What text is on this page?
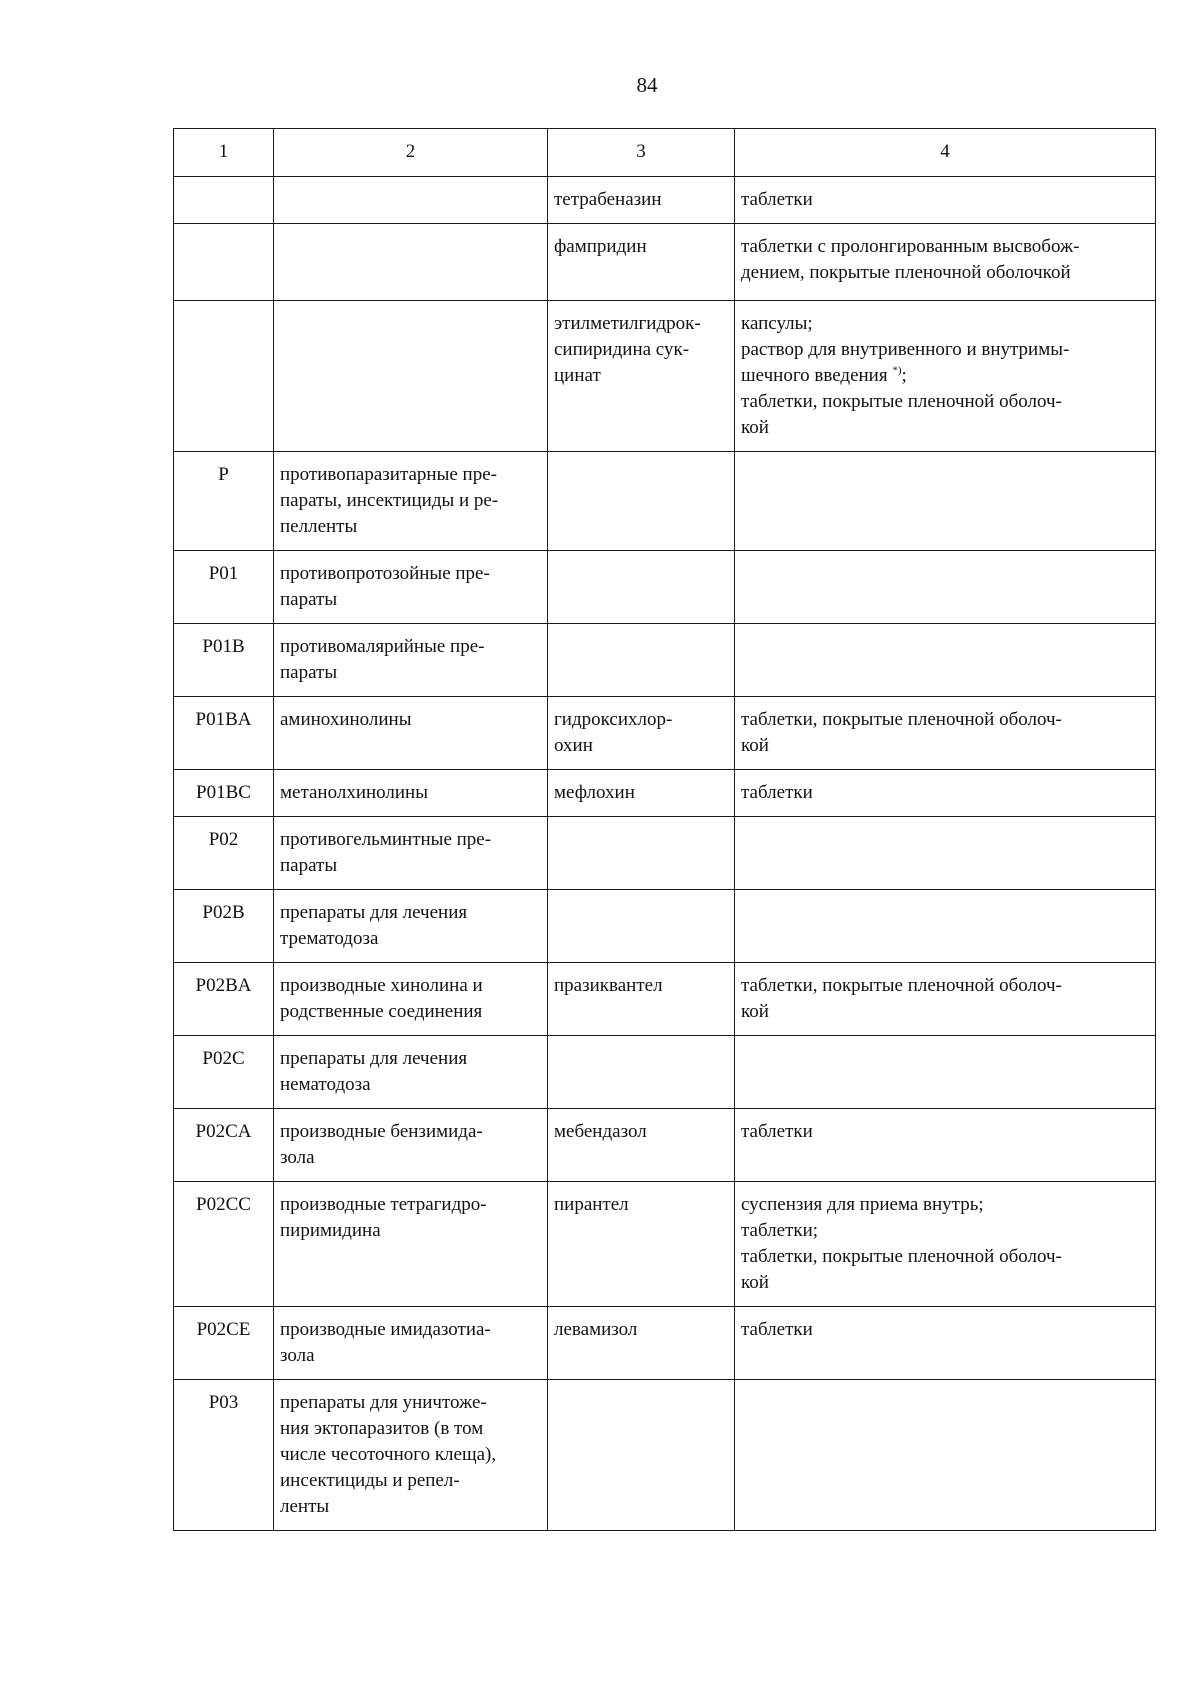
84
1	2	3	4

		тетрабеназин	таблетки

		фампридин	таблетки с пролонгированным высвобож-
дением, покрытые пленочной оболочкой

		этилметилгидрок-
сипиридина сук-
цинат	капсулы;
раствор для внутривенного и внутримы-
шечного введения *);
таблетки, покрытые пленочной оболоч-
кой

P	противопаразитарные пре-
параты, инсектициды и ре-
пелленты		

P01	противопротозойные пре-
параты		

P01B	противомалярийные пре-
параты		

P01BA	аминохинолины	гидроксихлор-
охин	таблетки, покрытые пленочной оболоч-
кой

P01BC	метанолхинолины	мефлохин	таблетки

P02	противогельминтные пре-
параты		

P02B	препараты для лечения
трематодоза		

P02BA	производные хинолина и
родственные соединения	празиквантел	таблетки, покрытые пленочной оболоч-
кой

P02C	препараты для лечения
нематодоза		

P02CA	производные бензимида-
зола	мебендазол	таблетки

P02CC	производные тетрагидро-
пиримидина	пирантел	суспензия для приема внутрь;
таблетки;
таблетки, покрытые пленочной оболоч-
кой

P02CE	производные имидазотиа-
зола	левамизол	таблетки

P03	препараты для уничтоже-
ния эктопаразитов (в том
числе чесоточного клеща),
инсектициды и репел-
ленты		
